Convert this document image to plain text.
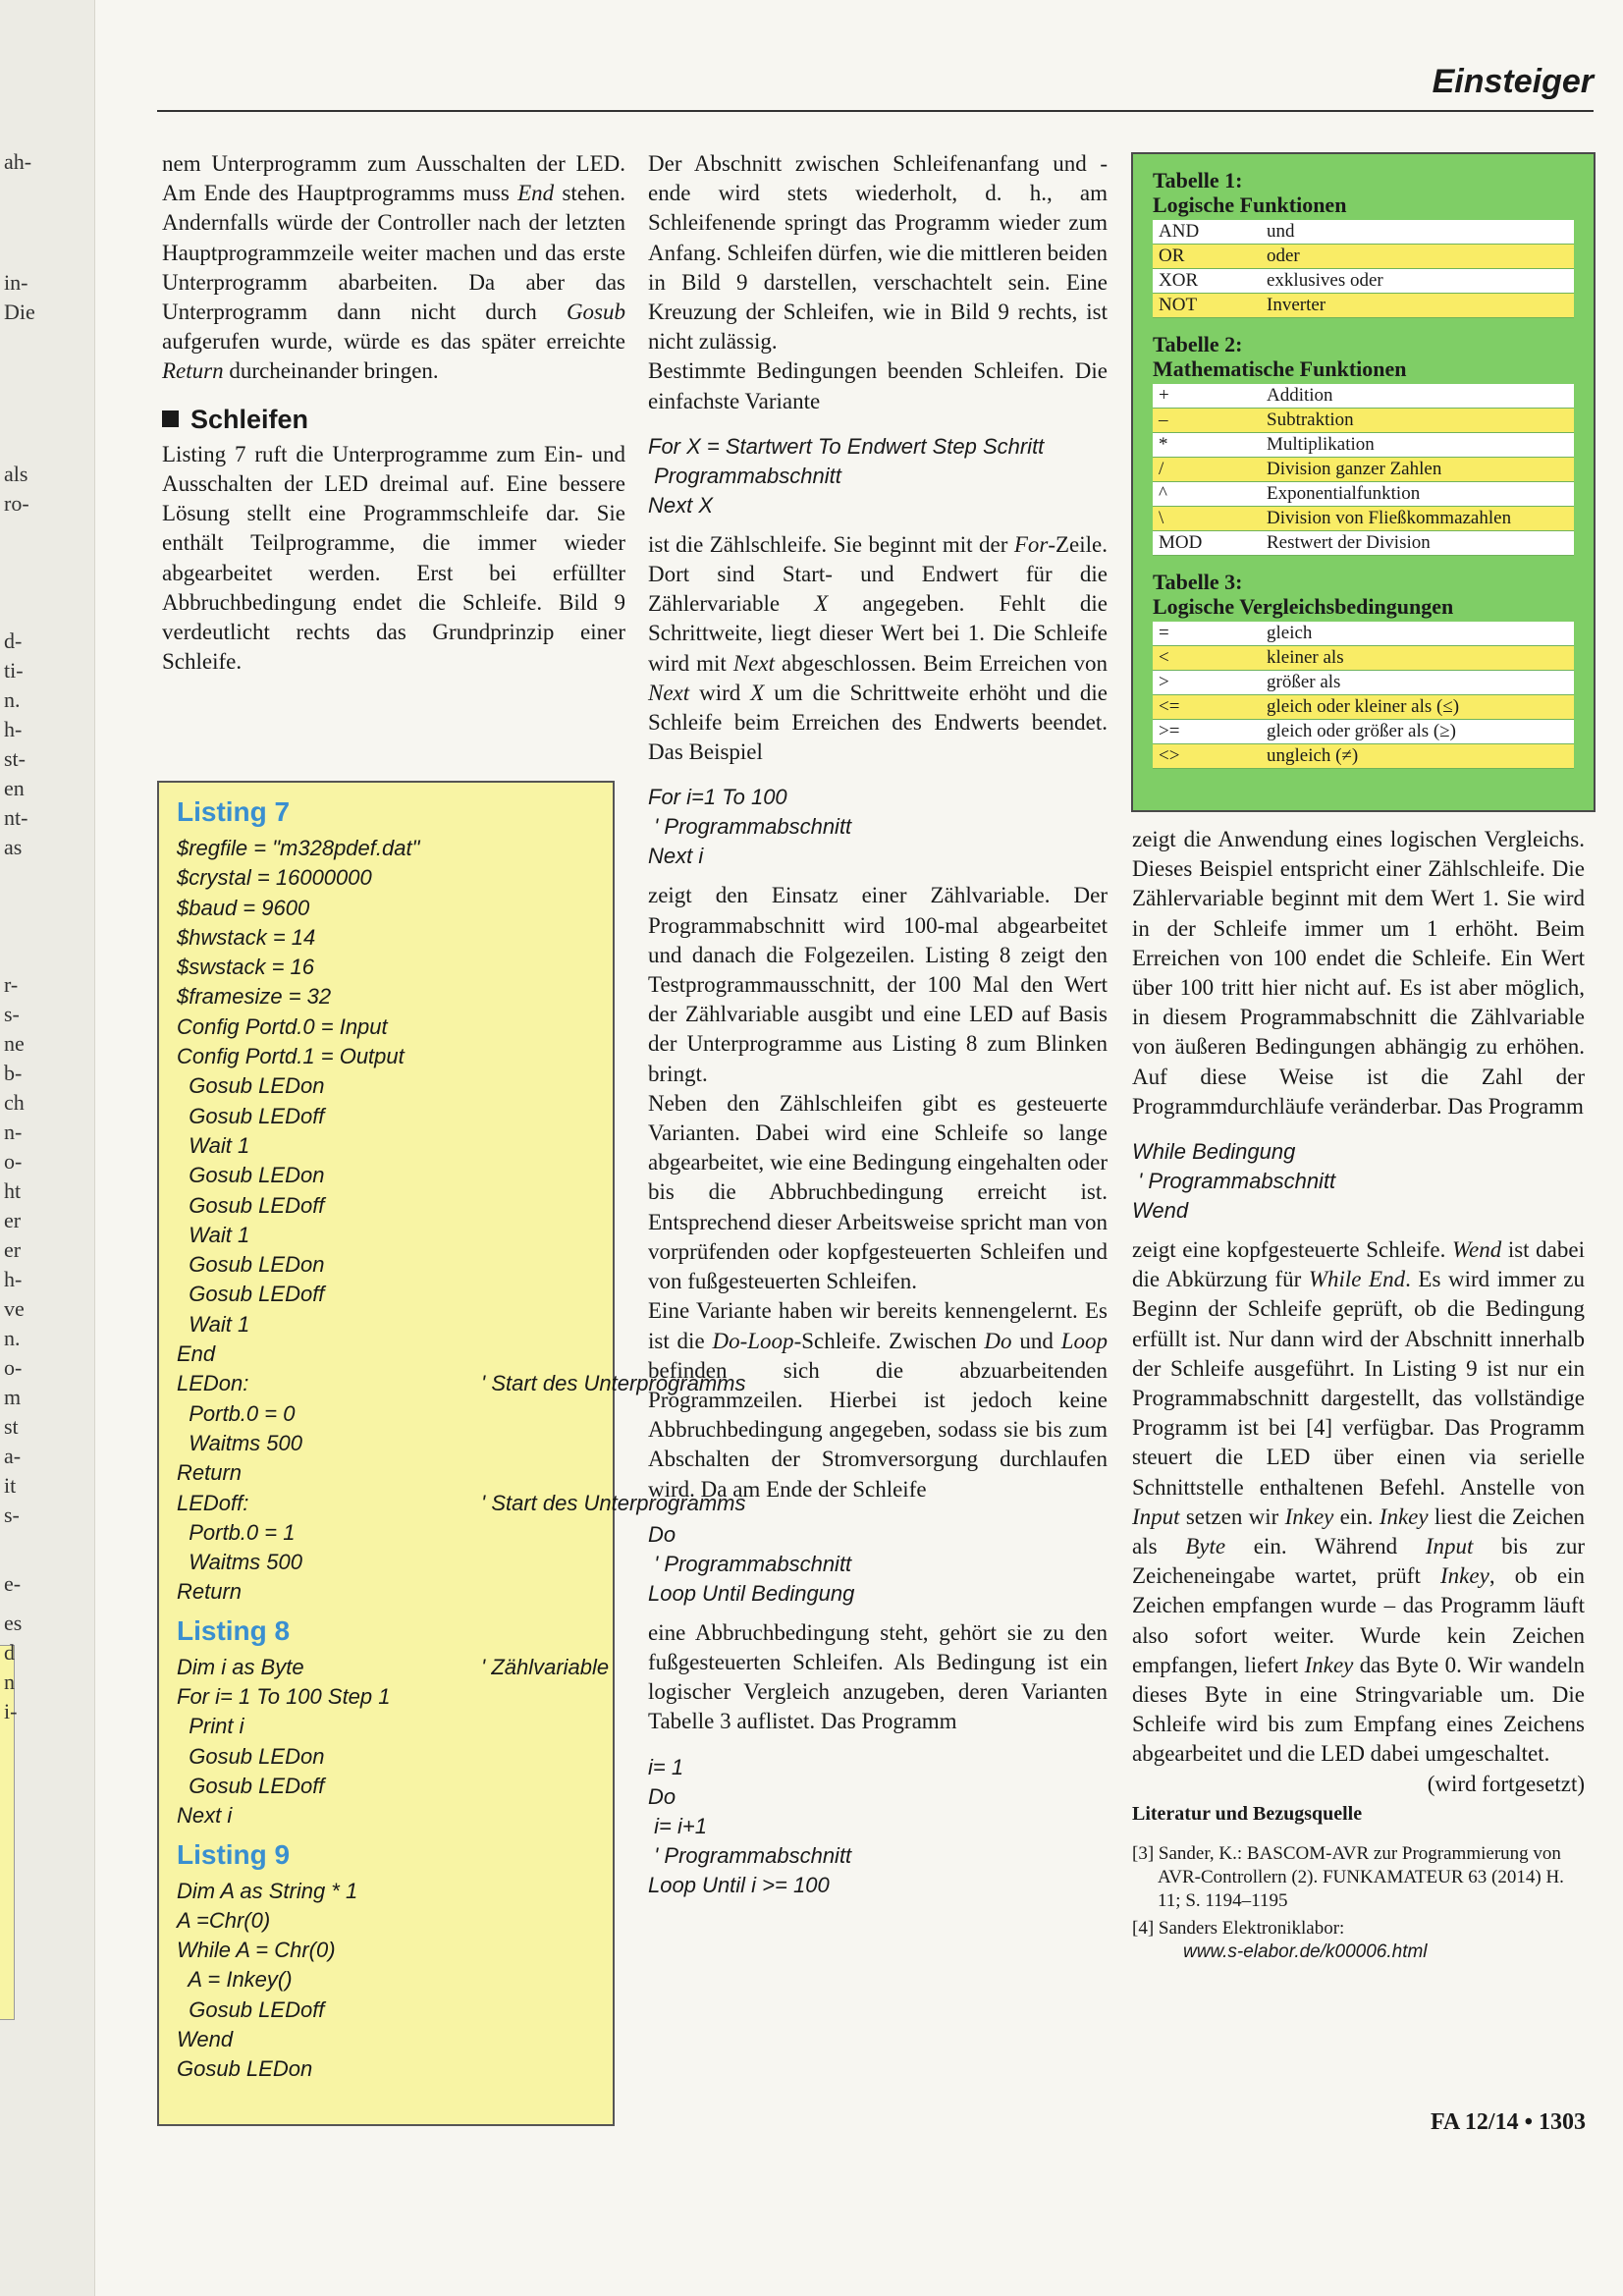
ah-
in-
Die
als
ro-
d-
ti-
n.
h-
st-
en
nt-
as
r-
s-
ne
b-
ch
n-
o-
ht
er
er
h-
ve
n.
o-
m
st
a-
it
s-
e-
es
d
n
i-
Einsteiger

nem Unterprogramm zum Ausschalten der LED. Am Ende des Hauptprogramms muss End stehen. Andernfalls würde der Controller nach der letzten Hauptprogrammzeile weiter machen und das erste Unterprogramm abarbeiten. Da aber das Unterprogramm dann nicht durch Gosub aufgerufen wurde, würde es das später erreichte Return durcheinander bringen.

Schleifen

Listing 7 ruft die Unterprogramme zum Ein- und Ausschalten der LED dreimal auf. Eine bessere Lösung stellt eine Programmschleife dar. Sie enthält Teilprogramme, die immer wieder abgearbeitet werden. Erst bei erfüllter Abbruchbedingung endet die Schleife. Bild 9 verdeutlicht rechts das Grundprinzip einer Schleife.

Listing 7
$regfile = "m328pdef.dat"
$crystal = 16000000
$baud = 9600
$hwstack = 14
$swstack = 16
$framesize = 32
Config Portd.0 = Input
Config Portd.1 = Output
Gosub LEDon
Gosub LEDoff
Wait 1
Gosub LEDon
Gosub LEDoff
Wait 1
Gosub LEDon
Gosub LEDoff
Wait 1
End
LEDon:	' Start des Unterprogramms
Portb.0 = 0
Waitms 500
Return
LEDoff:	' Start des Unterprogramms
Portb.0 = 1
Waitms 500
Return
Listing 8
Dim i as Byte	' Zählvariable
For i= 1 To 100 Step 1
Print i
Gosub LEDon
Gosub LEDoff
Next i
Listing 9
Dim A as String * 1
A =Chr(0)
While A = Chr(0)
A = Inkey()
Gosub LEDoff
Wend
Gosub LEDon

Der Abschnitt zwischen Schleifenanfang und -ende wird stets wiederholt, d. h., am Schleifenende springt das Programm wieder zum Anfang. Schleifen dürfen, wie die mittleren beiden in Bild 9 darstellen, verschachtelt sein. Eine Kreuzung der Schleifen, wie in Bild 9 rechts, ist nicht zulässig.

Bestimmte Bedingungen beenden Schleifen. Die einfachste Variante

For X = Startwert To Endwert Step Schritt
Programmabschnitt
Next X

ist die Zählschleife. Sie beginnt mit der For-Zeile. Dort sind Start- und Endwert für die Zählervariable X angegeben. Fehlt die Schrittweite, liegt dieser Wert bei 1. Die Schleife wird mit Next abgeschlossen. Beim Erreichen von Next wird X um die Schrittweite erhöht und die Schleife beim Erreichen des Endwerts beendet. Das Beispiel

For i=1 To 100
' Programmabschnitt
Next i

zeigt den Einsatz einer Zählvariable. Der Programmabschnitt wird 100-mal abgearbeitet und danach die Folgezeilen. Listing 8 zeigt den Testprogrammausschnitt, der 100 Mal den Wert der Zählvariable ausgibt und eine LED auf Basis der Unterprogramme aus Listing 8 zum Blinken bringt.

Neben den Zählschleifen gibt es gesteuerte Varianten. Dabei wird eine Schleife so lange abgearbeitet, wie eine Bedingung eingehalten oder bis die Abbruchbedingung erreicht ist. Entsprechend dieser Arbeitsweise spricht man von vorprüfenden oder kopfgesteuerten Schleifen und von fußgesteuerten Schleifen.

Eine Variante haben wir bereits kennengelernt. Es ist die Do-Loop-Schleife. Zwischen Do und Loop befinden sich die abzuarbeitenden Programmzeilen. Hierbei ist jedoch keine Abbruchbedingung angegeben, sodass sie bis zum Abschalten der Stromversorgung durchlaufen wird. Da am Ende der Schleife

Do
' Programmabschnitt
Loop Until Bedingung

eine Abbruchbedingung steht, gehört sie zu den fußgesteuerten Schleifen. Als Bedingung ist ein logischer Vergleich anzugeben, deren Varianten Tabelle 3 auflistet. Das Programm

i= 1
Do
i= i+1
' Programmabschnitt
Loop Until i >= 100
Tabelle 1:
Logische Funktionen
AND	und
OR	oder
XOR	exklusives oder
NOT	Inverter
Tabelle 2:
Mathematische Funktionen
+	Addition
–	Subtraktion
*	Multiplikation
/	Division ganzer Zahlen
^	Exponentialfunktion
\	Division von Fließkommazahlen
MOD	Restwert der Division
Tabelle 3:
Logische Vergleichsbedingungen
=	gleich
<	kleiner als
>	größer als
<=	gleich oder kleiner als (≤)
>=	gleich oder größer als (≥)
<>	ungleich (≠)

zeigt die Anwendung eines logischen Vergleichs. Dieses Beispiel entspricht einer Zählschleife. Die Zählervariable beginnt mit dem Wert 1. Sie wird in der Schleife immer um 1 erhöht. Beim Erreichen von 100 endet die Schleife. Ein Wert über 100 tritt hier nicht auf. Es ist aber möglich, in diesem Programmabschnitt die Zählvariable von äußeren Bedingungen abhängig zu erhöhen. Auf diese Weise ist die Zahl der Programmdurchläufe veränderbar. Das Programm

While Bedingung
' Programmabschnitt
Wend

zeigt eine kopfgesteuerte Schleife. Wend ist dabei die Abkürzung für While End. Es wird immer zu Beginn der Schleife geprüft, ob die Bedingung erfüllt ist. Nur dann wird der Abschnitt innerhalb der Schleife ausgeführt. In Listing 9 ist nur ein Programmabschnitt dargestellt, das vollständige Programm ist bei [4] verfügbar. Das Programm steuert die LED über einen via serielle Schnittstelle enthaltenen Befehl. Anstelle von Input setzen wir Inkey ein. Inkey liest die Zeichen als Byte ein. Während Input bis zur Zeicheneingabe wartet, prüft Inkey, ob ein Zeichen empfangen wurde – das Programm läuft also sofort weiter. Wurde kein Zeichen empfangen, liefert Inkey das Byte 0. Wir wandeln dieses Byte in eine Stringvariable um. Die Schleife wird bis zum Empfang eines Zeichens abgearbeitet und die LED dabei umgeschaltet.
(wird fortgesetzt)

Literatur und Bezugsquelle
[3] Sander, K.: BASCOM-AVR zur Programmierung von AVR-Controllern (2). FUNKAMATEUR 63 (2014) H. 11; S. 1194–1195
[4] Sanders Elektroniklabor:
www.s-elabor.de/k00006.html
FA 12/14 • 1303
